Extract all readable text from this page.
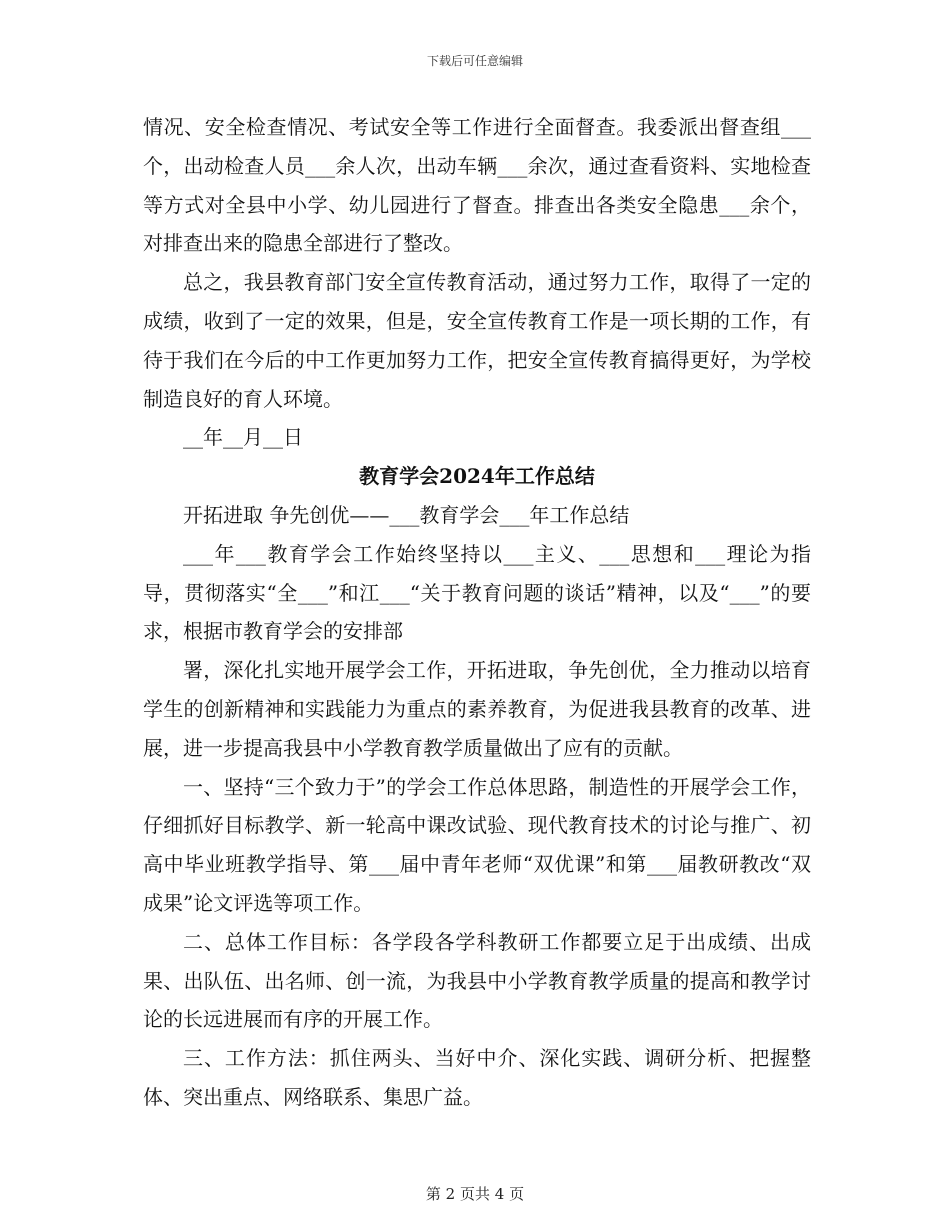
下载后可任意编辑

情况、安全检查情况、考试安全等工作进行全面督查。我委派出督查组___个，出动检查人员___余人次，出动车辆___余次，通过查看资料、实地检查等方式对全县中小学、幼儿园进行了督查。排查出各类安全隐患___余个，对排查出来的隐患全部进行了整改。

总之，我县教育部门安全宣传教育活动，通过努力工作，取得了一定的成绩，收到了一定的效果，但是，安全宣传教育工作是一项长期的工作，有待于我们在今后的中工作更加努力工作，把安全宣传教育搞得更好，为学校制造良好的育人环境。

__年__月__日

教育学会2024年工作总结

开拓进取 争先创优——___教育学会___年工作总结

___年___教育学会工作始终坚持以___主义、___思想和___理论为指导，贯彻落实“全___”和江___“关于教育问题的谈话”精神，以及“___”的要求，根据市教育学会的安排部

署，深化扎实地开展学会工作，开拓进取，争先创优，全力推动以培育学生的创新精神和实践能力为重点的素养教育，为促进我县教育的改革、进展，进一步提高我县中小学教育教学质量做出了应有的贡献。

一、坚持“三个致力于”的学会工作总体思路，制造性的开展学会工作，仔细抓好目标教学、新一轮高中课改试验、现代教育技术的讨论与推广、初高中毕业班教学指导、第___届中青年老师“双优课”和第___届教研教改“双成果”论文评选等项工作。

二、总体工作目标：各学段各学科教研工作都要立足于出成绩、出成果、出队伍、出名师、创一流，为我县中小学教育教学质量的提高和教学讨论的长远进展而有序的开展工作。

三、工作方法：抓住两头、当好中介、深化实践、调研分析、把握整体、突出重点、网络联系、集思广益。

第 2 页共 4 页
